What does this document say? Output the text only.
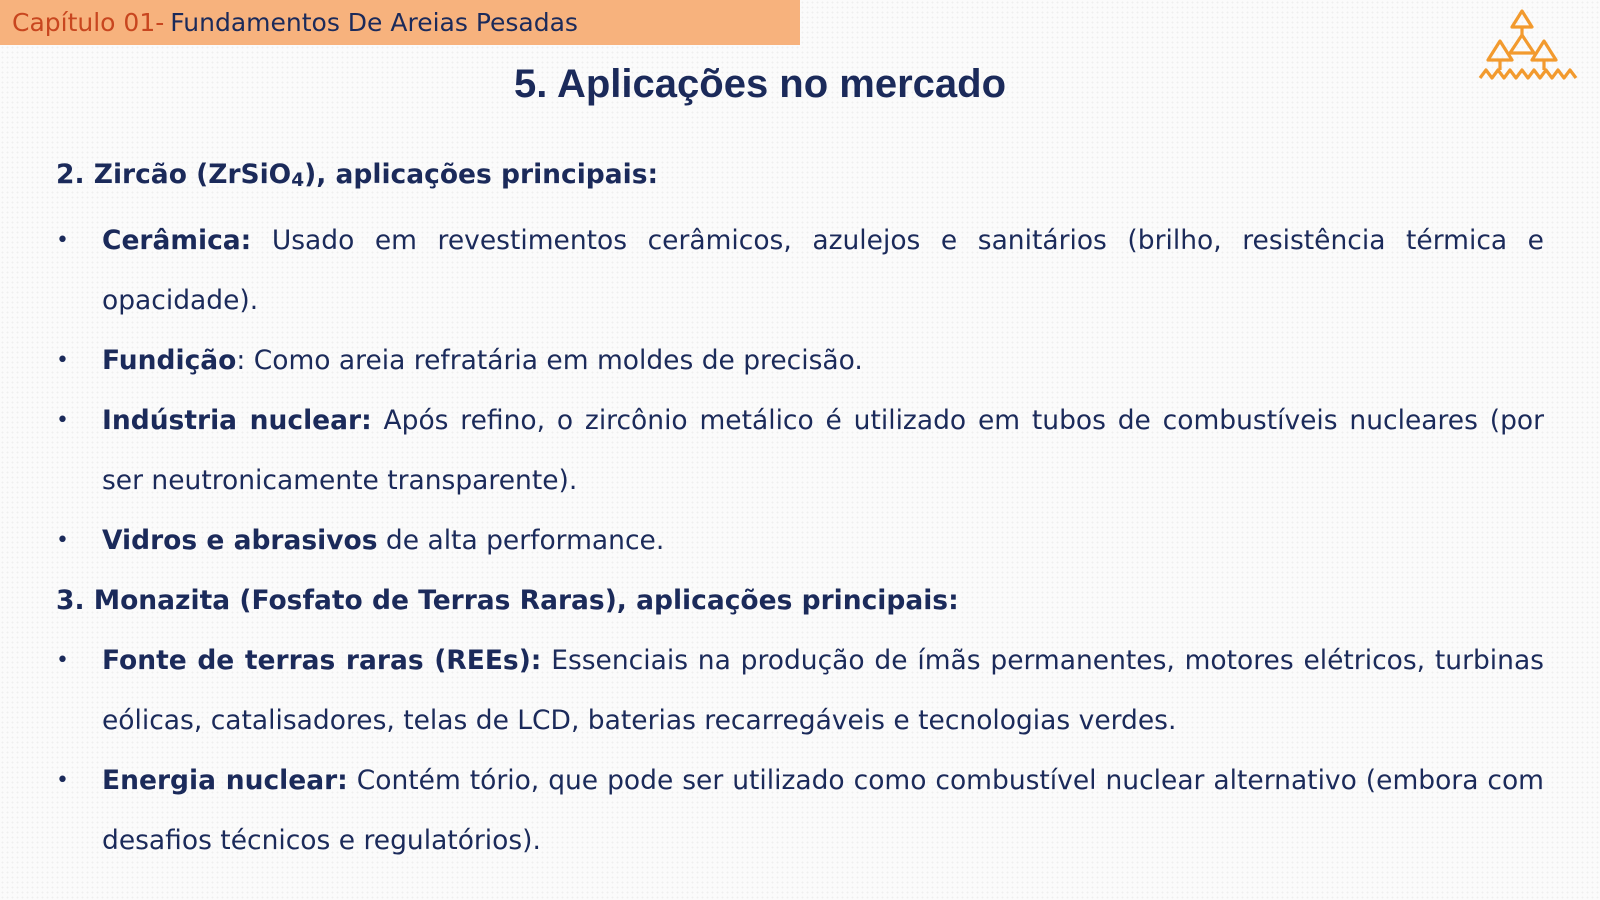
Capítulo 01- Fundamentos De Areias Pesadas
5. Aplicações no mercado

2. Zircão (ZrSiO4), aplicações principais:

• Cerâmica: Usado em revestimentos cerâmicos, azulejos e sanitários (brilho, resistência térmica e opacidade).
• Fundição: Como areia refratária em moldes de precisão.
• Indústria nuclear: Após refino, o zircônio metálico é utilizado em tubos de combustíveis nucleares (por ser neutronicamente transparente).
• Vidros e abrasivos de alta performance.

3. Monazita (Fosfato de Terras Raras), aplicações principais:

• Fonte de terras raras (REEs): Essenciais na produção de ímãs permanentes, motores elétricos, turbinas eólicas, catalisadores, telas de LCD, baterias recarregáveis e tecnologias verdes.
• Energia nuclear: Contém tório, que pode ser utilizado como combustível nuclear alternativo (embora com desafios técnicos e regulatórios).
